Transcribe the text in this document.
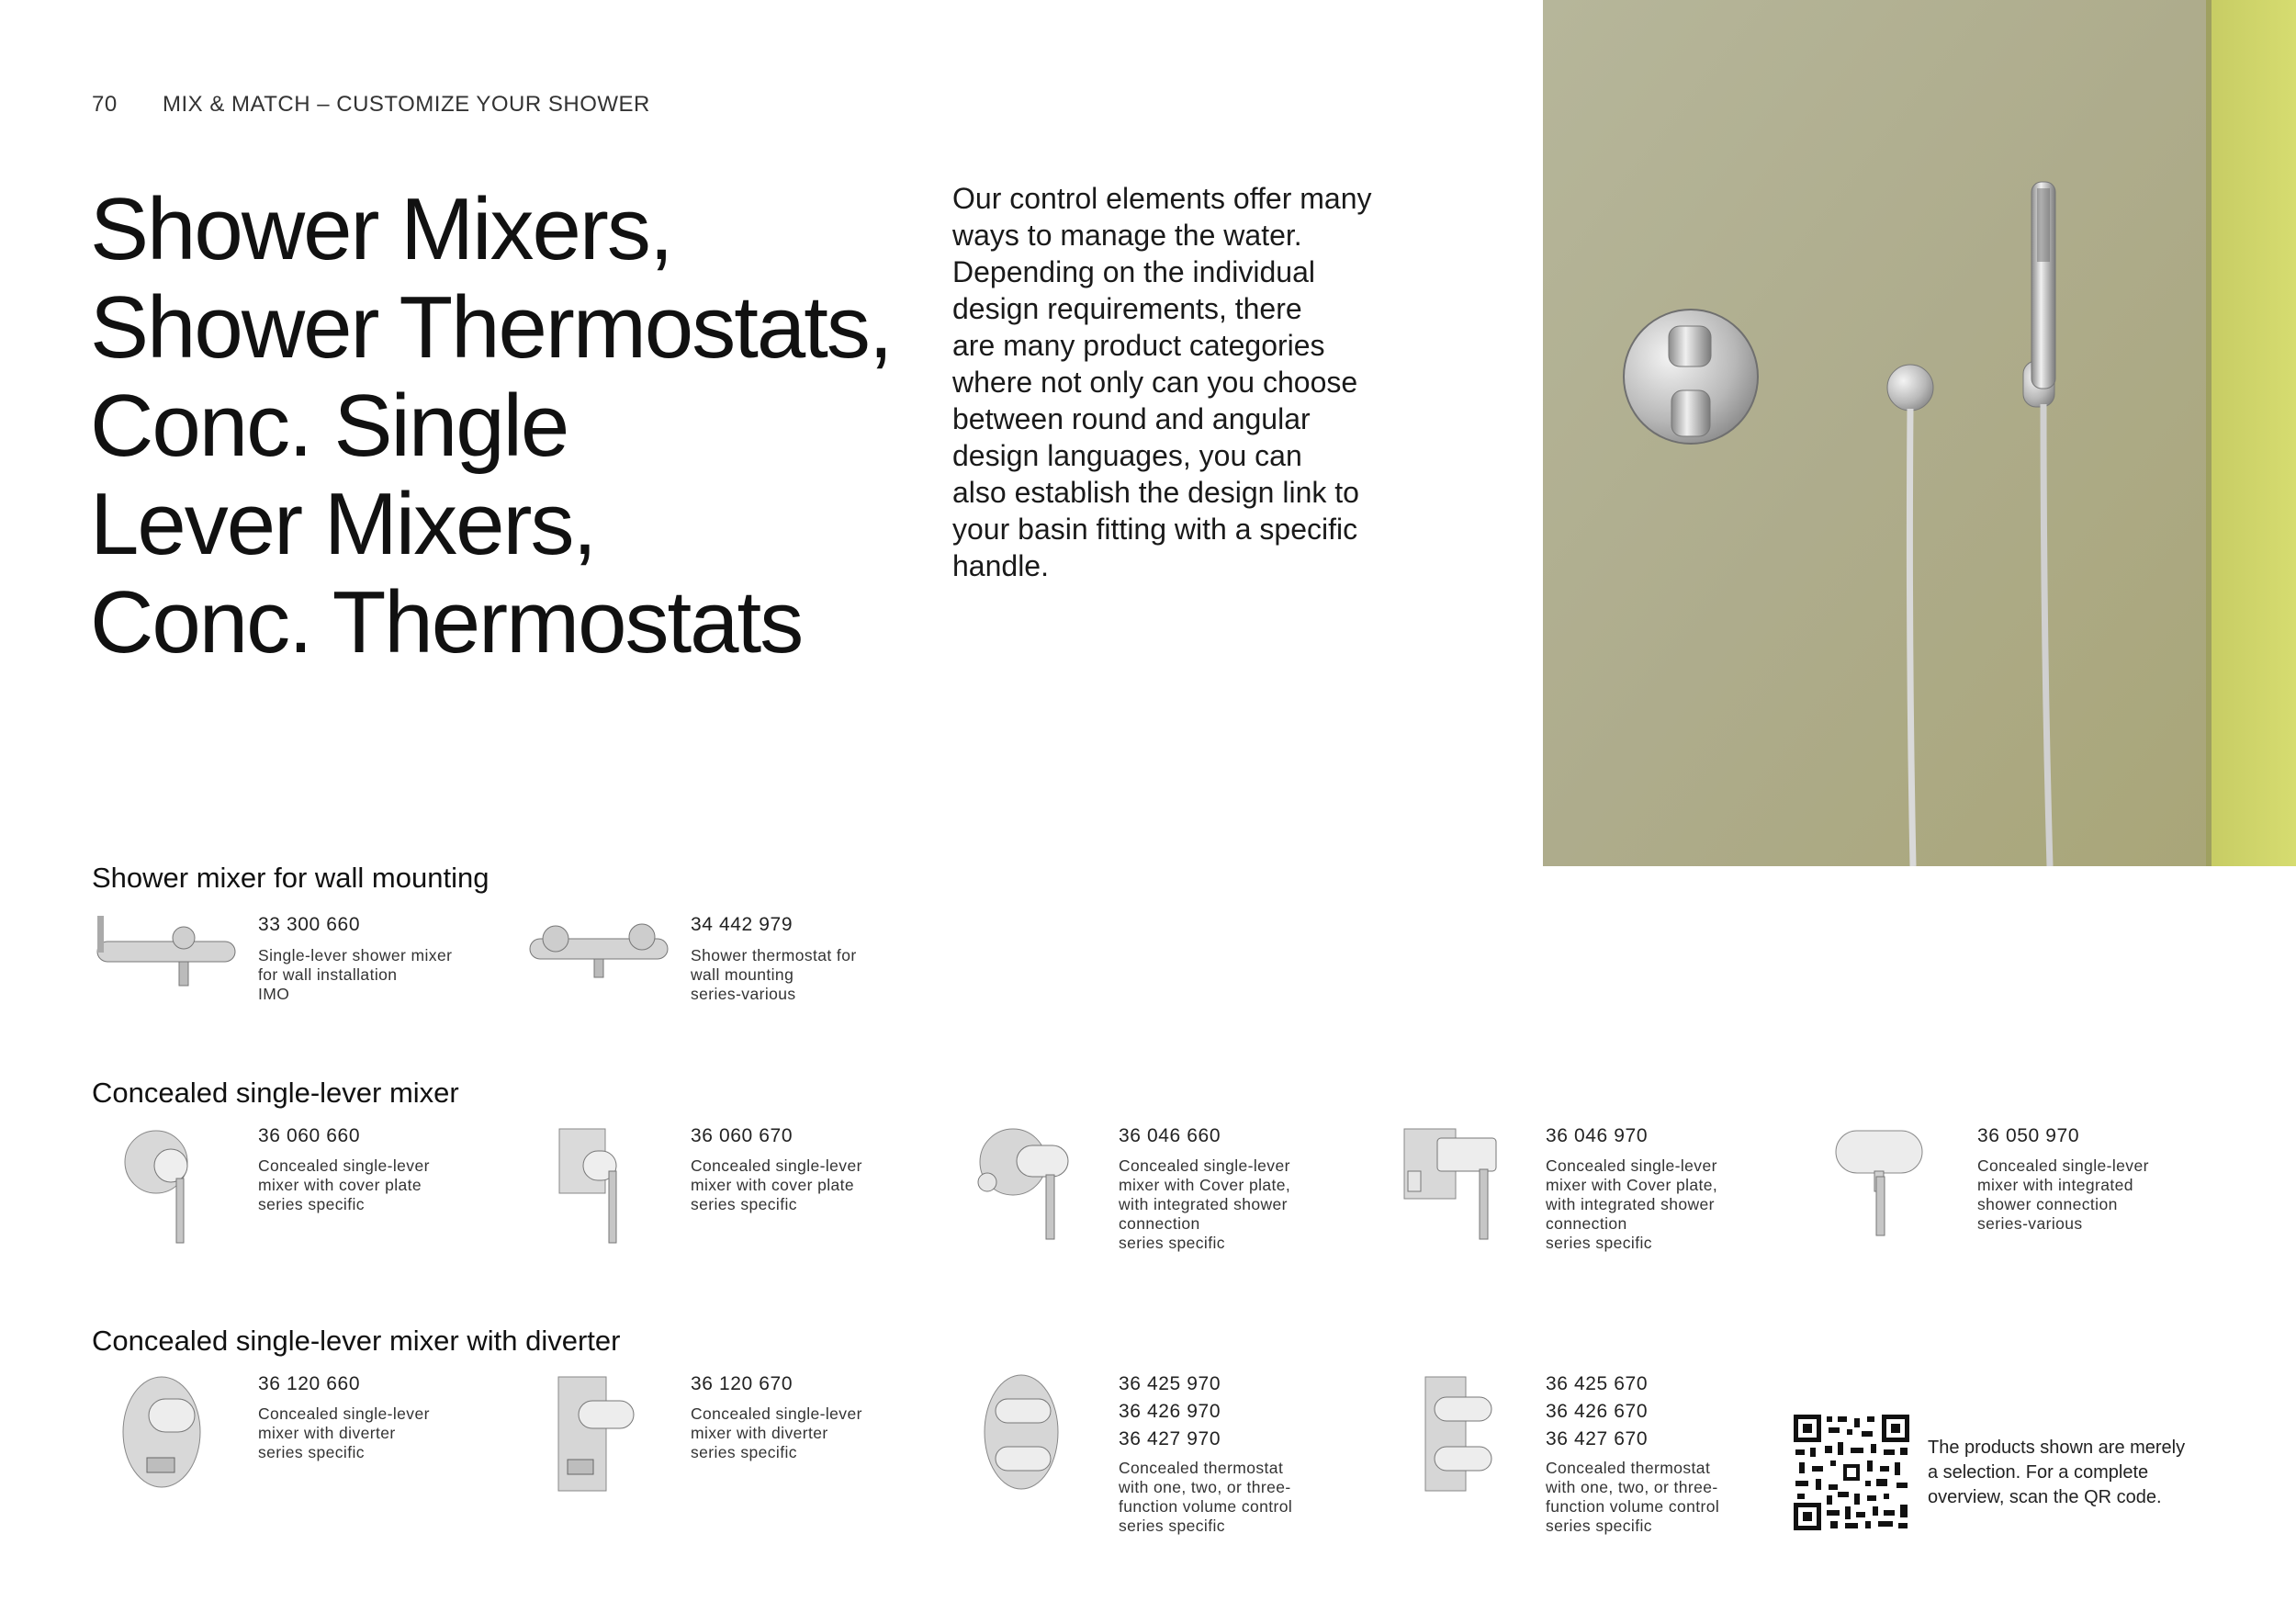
70 MIX & MATCH – CUSTOMIZE YOUR SHOWER
Shower Mixers,
Shower Thermostats,
Conc. Single
Lever Mixers,
Conc. Thermostats

Our control elements offer many
ways to manage the water.
Depending on the individual
design requirements, there
are many product categories
where not only can you choose
between round and angular
design languages, you can
also establish the design link to
your basin fitting with a specific
handle.

Shower mixer for wall mounting
33 300 660
Single-lever shower mixer
for wall installation
IMO
34 442 979
Shower thermostat for
wall mounting
series-various
Concealed single-lever mixer
36 060 660
Concealed single-lever
mixer with cover plate
series specific
36 060 670
Concealed single-lever
mixer with cover plate
series specific
36 046 660
Concealed single-lever
mixer with Cover plate,
with integrated shower
connection
series specific
36 046 970
Concealed single-lever
mixer with Cover plate,
with integrated shower
connection
series specific
36 050 970
Concealed single-lever
mixer with integrated
shower connection
series-various
Concealed single-lever mixer with diverter
36 120 660
Concealed single-lever
mixer with diverter
series specific
36 120 670
Concealed single-lever
mixer with diverter
series specific
36 425 970
36 426 970
36 427 970
Concealed thermostat
with one, two, or three-
function volume control
series specific
36 425 670
36 426 670
36 427 670
Concealed thermostat
with one, two, or three-
function volume control
series specific
The products shown are merely
a selection. For a complete
overview, scan the QR code.
